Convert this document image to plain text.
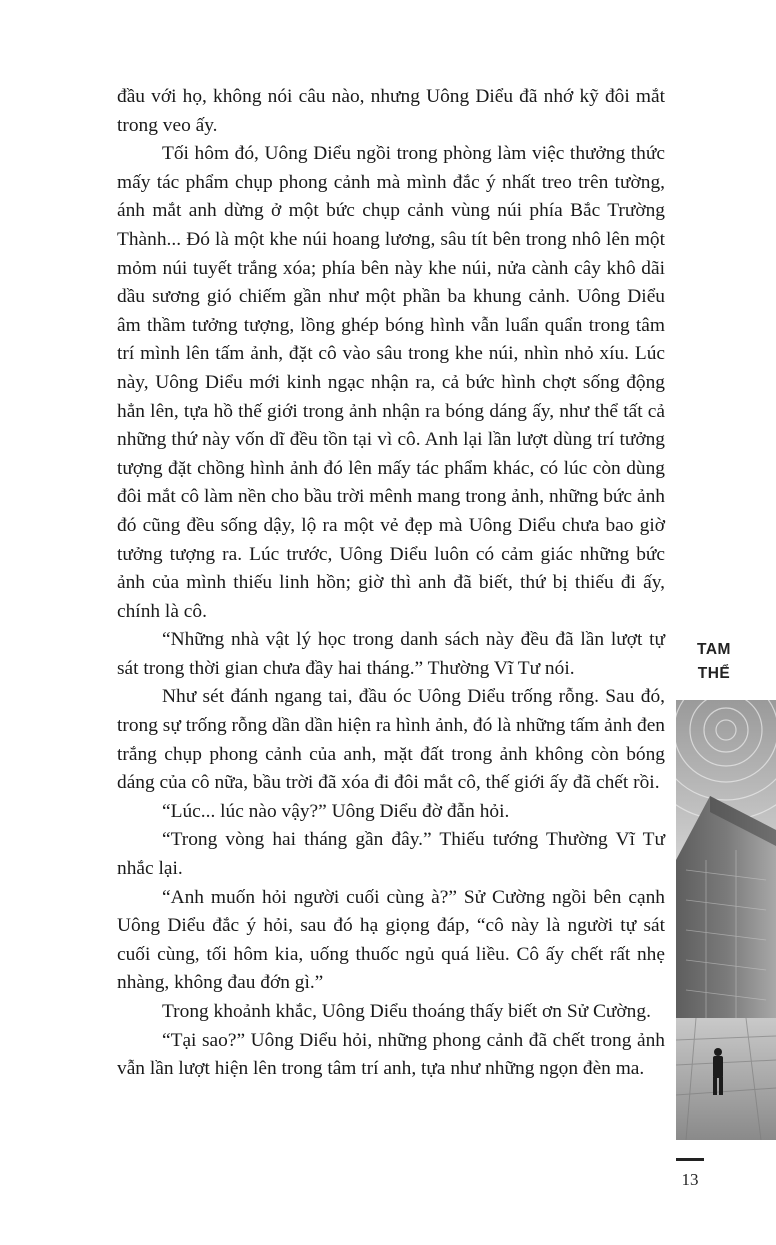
đầu với họ, không nói câu nào, nhưng Uông Diểu đã nhớ kỹ đôi mắt trong veo ấy.

Tối hôm đó, Uông Diểu ngồi trong phòng làm việc thưởng thức mấy tác phẩm chụp phong cảnh mà mình đắc ý nhất treo trên tường, ánh mắt anh dừng ở một bức chụp cảnh vùng núi phía Bắc Trường Thành... Đó là một khe núi hoang lương, sâu tít bên trong nhô lên một mỏm núi tuyết trắng xóa; phía bên này khe núi, nửa cành cây khô dãi dầu sương gió chiếm gần như một phần ba khung cảnh. Uông Diểu âm thầm tưởng tượng, lồng ghép bóng hình vẫn luẩn quẩn trong tâm trí mình lên tấm ảnh, đặt cô vào sâu trong khe núi, nhìn nhỏ xíu. Lúc này, Uông Diểu mới kinh ngạc nhận ra, cả bức hình chợt sống động hẳn lên, tựa hồ thế giới trong ảnh nhận ra bóng dáng ấy, như thể tất cả những thứ này vốn dĩ đều tồn tại vì cô. Anh lại lần lượt dùng trí tưởng tượng đặt chồng hình ảnh đó lên mấy tác phẩm khác, có lúc còn dùng đôi mắt cô làm nền cho bầu trời mênh mang trong ảnh, những bức ảnh đó cũng đều sống dậy, lộ ra một vẻ đẹp mà Uông Diểu chưa bao giờ tưởng tượng ra. Lúc trước, Uông Diểu luôn có cảm giác những bức ảnh của mình thiếu linh hồn; giờ thì anh đã biết, thứ bị thiếu đi ấy, chính là cô.

“Những nhà vật lý học trong danh sách này đều đã lần lượt tự sát trong thời gian chưa đầy hai tháng.” Thường Vĩ Tư nói.

Như sét đánh ngang tai, đầu óc Uông Diểu trống rỗng. Sau đó, trong sự trống rỗng dần dần hiện ra hình ảnh, đó là những tấm ảnh đen trắng chụp phong cảnh của anh, mặt đất trong ảnh không còn bóng dáng của cô nữa, bầu trời đã xóa đi đôi mắt cô, thế giới ấy đã chết rồi.

“Lúc... lúc nào vậy?” Uông Diểu đờ đẫn hỏi.

“Trong vòng hai tháng gần đây.” Thiếu tướng Thường Vĩ Tư nhắc lại.

“Anh muốn hỏi người cuối cùng à?” Sử Cường ngồi bên cạnh Uông Diểu đắc ý hỏi, sau đó hạ giọng đáp, “cô này là người tự sát cuối cùng, tối hôm kia, uống thuốc ngủ quá liều. Cô ấy chết rất nhẹ nhàng, không đau đớn gì.”

Trong khoảnh khắc, Uông Diểu thoáng thấy biết ơn Sử Cường.

“Tại sao?” Uông Diểu hỏi, những phong cảnh đã chết trong ảnh vẫn lần lượt hiện lên trong tâm trí anh, tựa như những ngọn đèn ma.

TAM
THỂ
13
